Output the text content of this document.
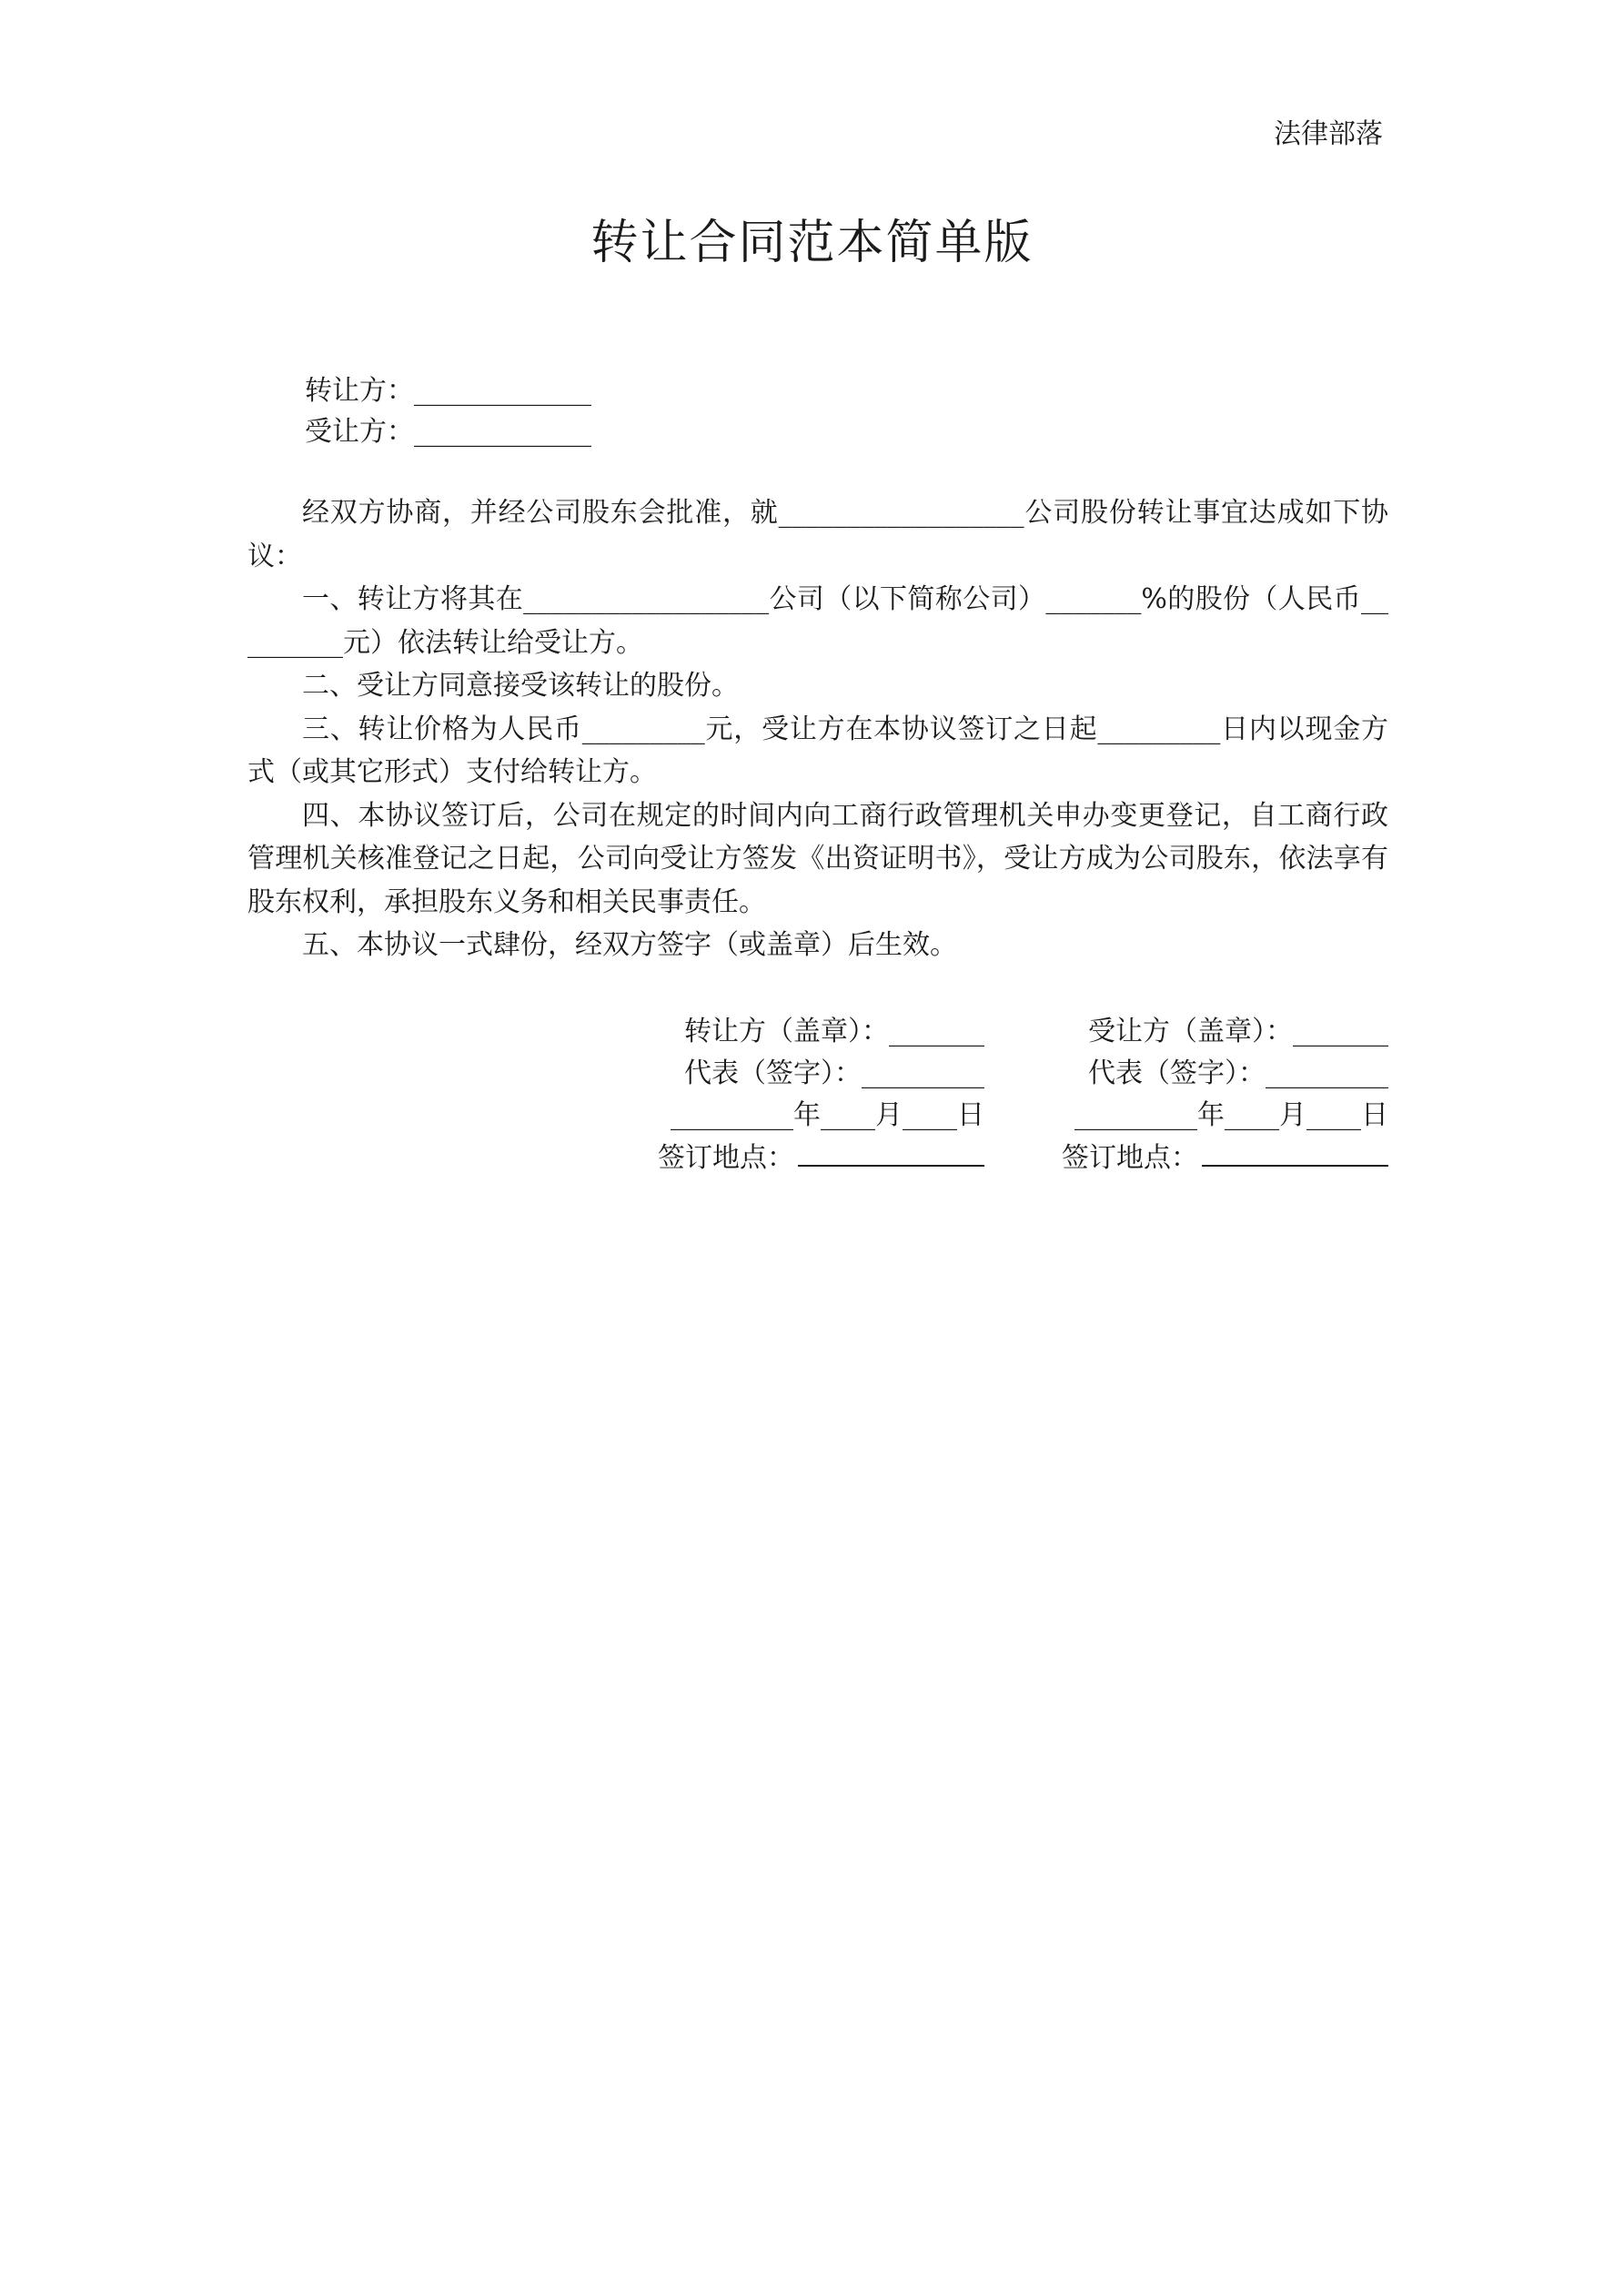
法律部落
转让合同范本简单版
转让方：_____________
受让方：_____________

经双方协商，并经公司股东会批准，就__________________公司股份转让事宜达成如下协议：

一、转让方将其在__________________公司（以下简称公司）_______%的股份（人民币_________元）依法转让给受让方。

二、受让方同意接受该转让的股份。

三、转让价格为人民币_________元，受让方在本协议签订之日起_________日内以现金方式（或其它形式）支付给转让方。

四、本协议签订后，公司在规定的时间内向工商行政管理机关申办变更登记，自工商行政管理机关核准登记之日起，公司向受让方签发《出资证明书》，受让方成为公司股东，依法享有股东权利，承担股东义务和相关民事责任。

五、本协议一式肆份，经双方签字（或盖章）后生效。

转让方（盖章）：_______
代表（签字）：_________
_________年____月____日
签订地点：
受让方（盖章）：_______
代表（签字）：_________
_________年____月____日
签订地点：
